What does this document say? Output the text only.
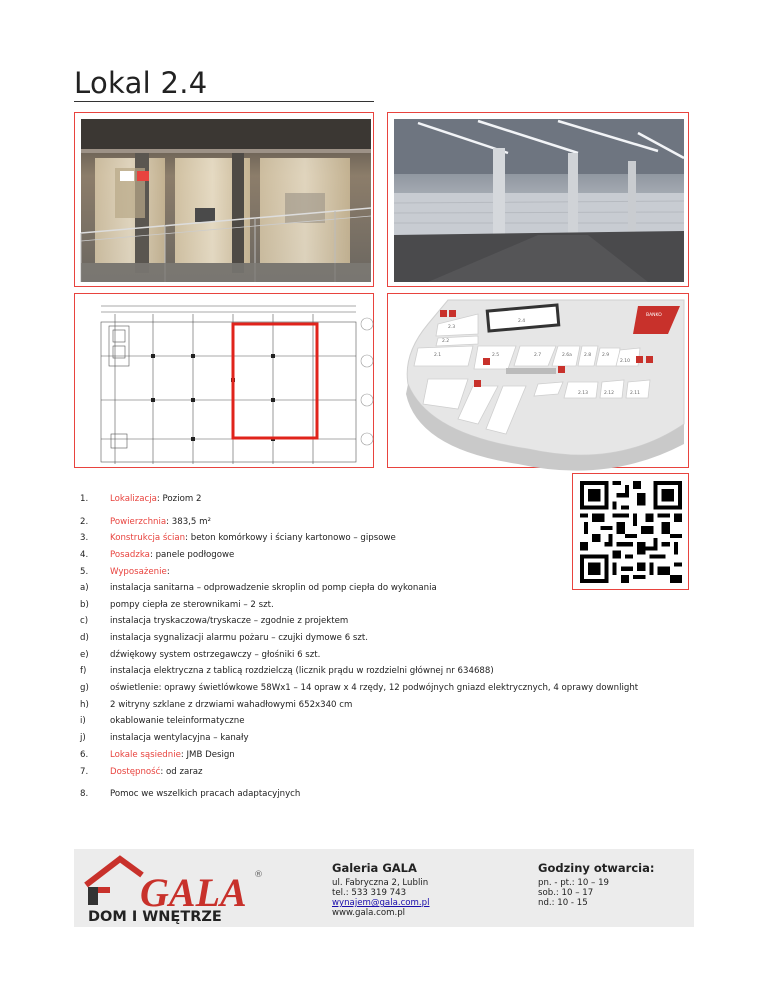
Lokal 2.4
BANKO
2.3
2.2
2.1
2.4
2.5	2.7	2.6a	2.8 2.9
2.10
2.13	2.12	2.11
1.	Lokalizacja: Poziom 2
2.	Powierzchnia: 383,5 m²
3.	Konstrukcja ścian: beton komórkowy i ściany kartonowo – gipsowe
4.	Posadzka: panele podłogowe
5.	Wyposażenie:
a)	instalacja sanitarna – odprowadzenie skroplin od pomp ciepła do wykonania
b)	pompy ciepła ze sterownikami – 2 szt.
c)	instalacja tryskaczowa/tryskacze – zgodnie z projektem
d)	instalacja sygnalizacji alarmu pożaru – czujki dymowe 6 szt.
e)	dźwiękowy system ostrzegawczy – głośniki 6 szt.
f)	instalacja elektryczna z tablicą rozdzielczą (licznik prądu w rozdzielni głównej nr 634688)
g)	oświetlenie: oprawy świetlówkowe 58Wx1 – 14 opraw x 4 rzędy, 12 podwójnych gniazd elektrycznych, 4 oprawy downlight
h)	2 witryny szklane z drzwiami wahadłowymi 652x340 cm
i)	okablowanie teleinformatyczne
j)	instalacja wentylacyjna – kanały
6.	Lokale sąsiednie: JMB Design
7.	Dostępność: od zaraz
8.	Pomoc we wszelkich pracach adaptacyjnych
GALA ®
DOM I WNĘTRZE
Galeria GALA
ul. Fabryczna 2, Lublin
tel.: 533 319 743
wynajem@gala.com.pl
www.gala.com.pl
Godziny otwarcia:
pn. - pt.: 10 – 19
sob.: 10 – 17
nd.: 10 - 15
